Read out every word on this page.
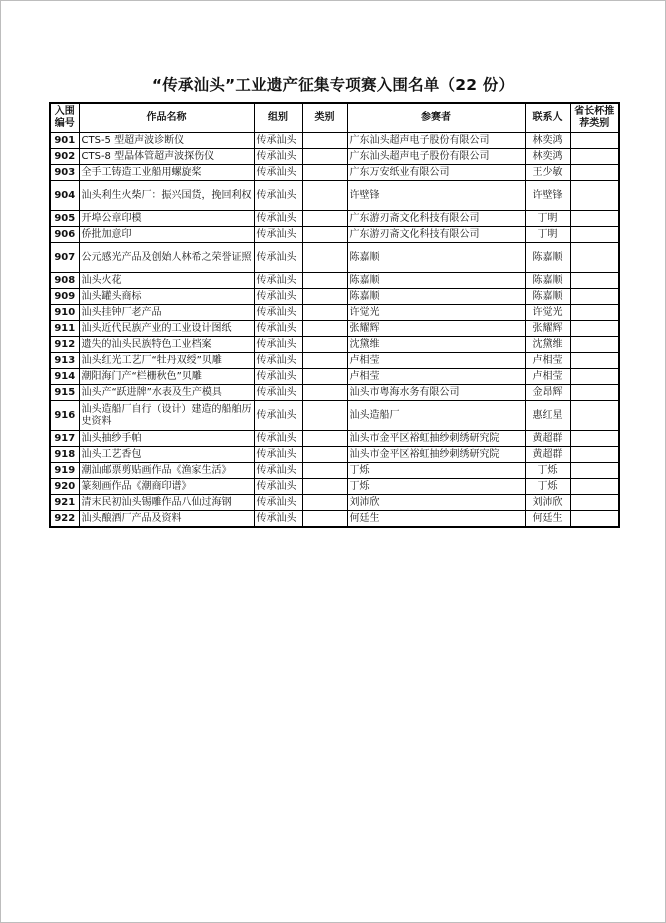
“传承汕头”工业遗产征集专项赛入围名单（22 份）
入围编号	作品名称	组别	类别	参赛者	联系人	省长杯推荐类别
901	CTS-5 型超声波诊断仪	传承汕头		广东汕头超声电子股份有限公司	林奕鸿	
902	CTS-8 型晶体管超声波探伤仪	传承汕头		广东汕头超声电子股份有限公司	林奕鸿	
903	全手工铸造工业船用螺旋桨	传承汕头		广东万安纸业有限公司	王少敏	
904	汕头利生火柴厂：振兴国货，挽回利权	传承汕头		许壁锋	许壁锋	
905	开埠公章印模	传承汕头		广东游刃斋文化科技有限公司	丁明	
906	侨批加意印	传承汕头		广东游刃斋文化科技有限公司	丁明	
907	公元感光产品及创始人林希之荣誉证照	传承汕头		陈嘉顺	陈嘉顺	
908	汕头火花	传承汕头		陈嘉顺	陈嘉顺	
909	汕头罐头商标	传承汕头		陈嘉顺	陈嘉顺	
910	汕头挂钟厂老产品	传承汕头		许觉光	许觉光	
911	汕头近代民族产业的工业设计图纸	传承汕头		张耀辉	张耀辉	
912	遗失的汕头民族特色工业档案	传承汕头		沈黛维	沈黛维	
913	汕头红光工艺厂“牡丹双绶”贝雕	传承汕头		卢相莹	卢相莹	
914	潮阳海门产“栏栅秋色”贝雕	传承汕头		卢相莹	卢相莹	
915	汕头产“跃进牌”水表及生产模具	传承汕头		汕头市粤海水务有限公司	金昂辉	
916	汕头造船厂自行（设计）建造的船舶历史资料	传承汕头		汕头造船厂	惠红星	
917	汕头抽纱手帕	传承汕头		汕头市金平区裕虹抽纱刺绣研究院	黄超群	
918	汕头工艺香包	传承汕头		汕头市金平区裕虹抽纱刺绣研究院	黄超群	
919	潮汕邮票剪贴画作品《渔家生活》	传承汕头		丁烁	丁烁	
920	篆刻画作品《潮商印谱》	传承汕头		丁烁	丁烁	
921	清末民初汕头锡雕作品八仙过海钢	传承汕头		刘沛欣	刘沛欣	
922	汕头酿酒厂产品及资料	传承汕头		何廷生	何廷生	
